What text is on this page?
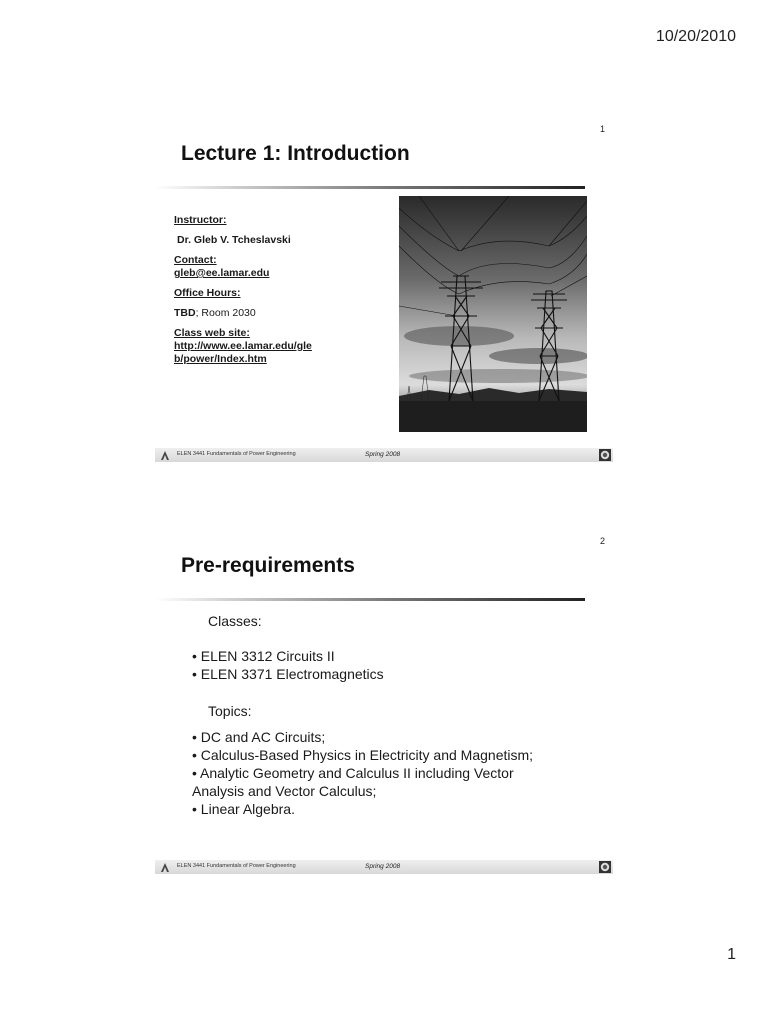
10/20/2010
1
Lecture 1: Introduction
Instructor:
Dr. Gleb V. Tcheslavski
Contact:
gleb@ee.lamar.edu
Office Hours:
TBD; Room 2030
Class web site:
http://www.ee.lamar.edu/gle
b/power/Index.htm
ELEN 3441 Fundamentals of Power Engineering	Spring 2008
2
Pre-requirements
Classes:
• ELEN 3312 Circuits II
• ELEN 3371 Electromagnetics
Topics:
• DC and AC Circuits;
• Calculus-Based Physics in Electricity and Magnetism;
• Analytic Geometry and Calculus II including Vector
Analysis and Vector Calculus;
• Linear Algebra.
ELEN 3441 Fundamentals of Power Engineering	Spring 2008
1
